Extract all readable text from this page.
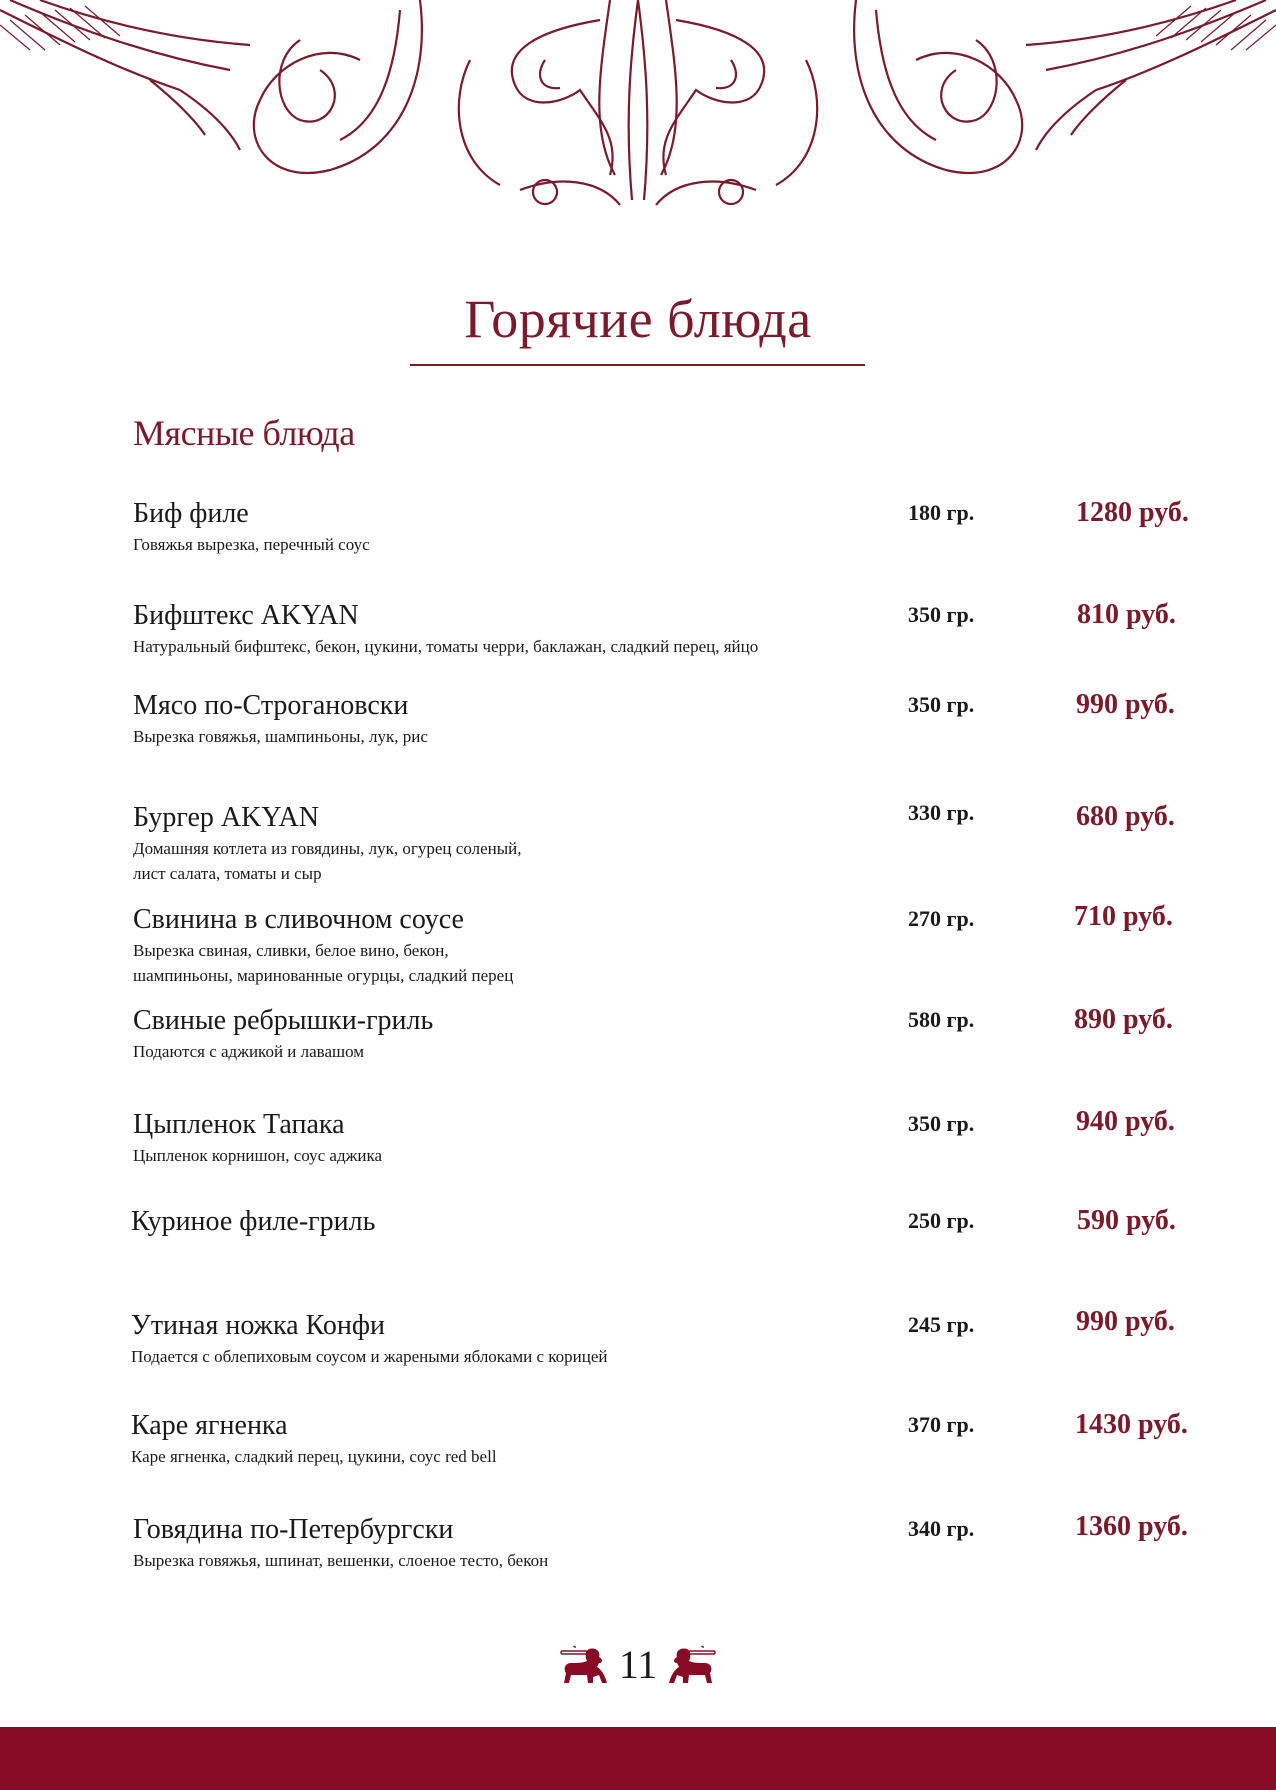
Горячие блюда
Мясные блюда
Биф филе
Говяжья вырезка, перечный соус
180 гр.	1280 руб.
Бифштекс AKYAN
Натуральный бифштекс, бекон, цукини, томаты черри, баклажан, сладкий перец, яйцо
350 гр.	810 руб.
Мясо по-Строгановски
Вырезка говяжья, шампиньоны, лук, рис
350 гр.	990 руб.
Бургер AKYAN
Домашняя котлета из говядины, лук, огурец соленый,
лист салата, томаты и сыр
330 гр.	680 руб.
Свинина в сливочном соусе
Вырезка свиная, сливки, белое вино, бекон,
шампиньоны, маринованные огурцы, сладкий перец
270 гр.	710 руб.
Свиные ребрышки-гриль
Подаются с аджикой и лавашом
580 гр.	890 руб.
Цыпленок Тапака
Цыпленок корнишон, соус аджика
350 гр.	940 руб.
Куриное филе-гриль	250 гр.	590 руб.
Утиная ножка Конфи
Подается с облепиховым соусом и жареными яблоками с корицей
245 гр.	990 руб.
Каре ягненка
Каре ягненка, сладкий перец, цукини, соус red bell
370 гр.	1430 руб.
Говядина по-Петербургски
Вырезка говяжья, шпинат, вешенки, слоеное тесто, бекон
340 гр.	1360 руб.
11
